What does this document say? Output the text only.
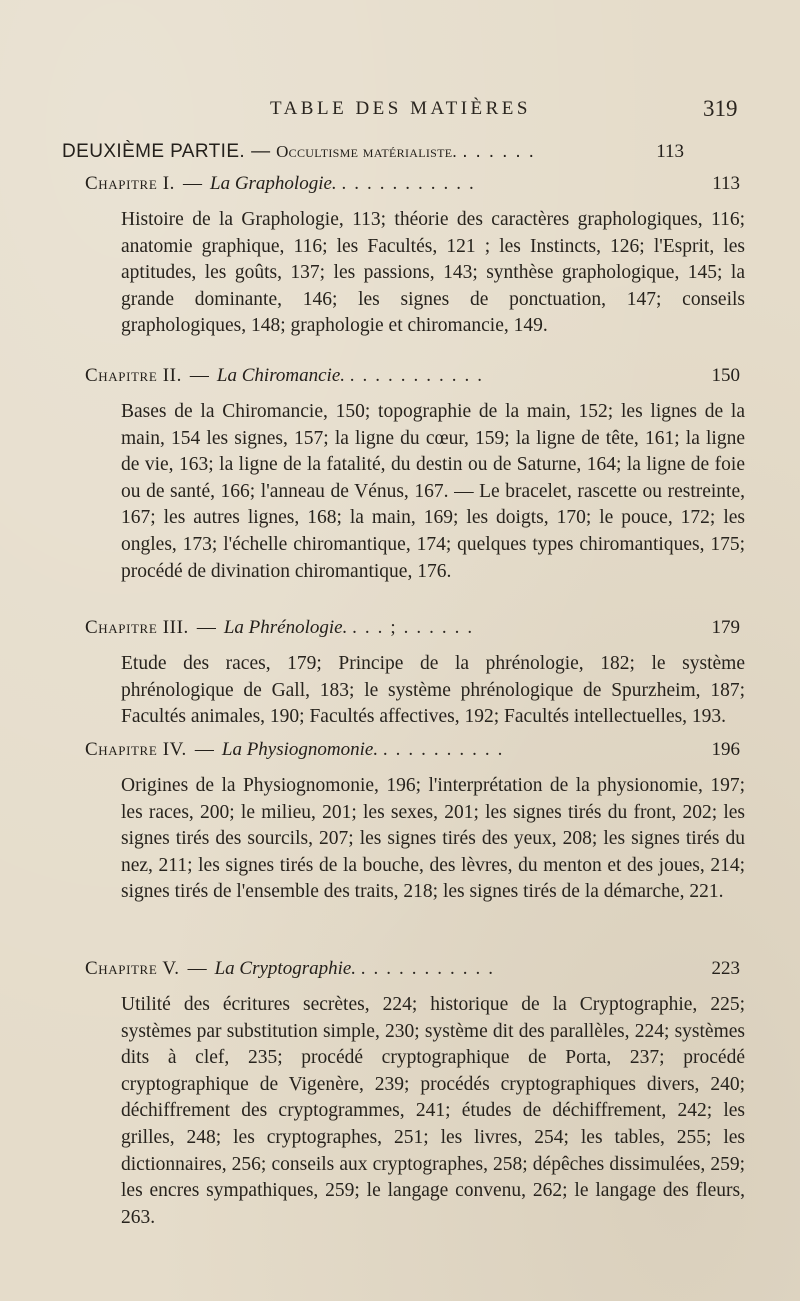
TABLE DES MATIÈRES	319
DEUXIÈME PARTIE. — Occultisme matérialiste. ......	113
Chapitre I. — La Graphologie. ...........	113
Histoire de la Graphologie, 113; théorie des caractères graphologiques, 116; anatomie graphique, 116; les Facultés, 121 ; les Instincts, 126; l'Esprit, les aptitudes, les goûts, 137; les passions, 143; synthèse graphologique, 145; la grande dominante, 146; les signes de ponctuation, 147; conseils graphologiques, 148; graphologie et chiromancie, 149.
Chapitre II. — La Chiromancie. ...........	150
Bases de la Chiromancie, 150; topographie de la main, 152; les lignes de la main, 154 les signes, 157; la ligne du cœur, 159; la ligne de tête, 161; la ligne de vie, 163; la ligne de la fatalité, du destin ou de Saturne, 164; la ligne de foie ou de santé, 166; l'anneau de Vénus, 167. — Le bracelet, rascette ou restreinte, 167; les autres lignes, 168; la main, 169; les doigts, 170; le pouce, 172; les ongles, 173; l'échelle chiromantique, 174; quelques types chiromantiques, 175; procédé de divination chiromantique, 176.
Chapitre III. — La Phrénologie. ...;......	179
Etude des races, 179; Principe de la phrénologie, 182; le système phrénologique de Gall, 183; le système phrénologique de Spurzheim, 187; Facultés animales, 190; Facultés affectives, 192; Facultés intellectuelles, 193.
Chapitre IV. — La Physiognomonie. ..........	196
Origines de la Physiognomonie, 196; l'interprétation de la physionomie, 197; les races, 200; le milieu, 201; les sexes, 201; les signes tirés du front, 202; les signes tirés des sourcils, 207; les signes tirés des yeux, 208; les signes tirés du nez, 211; les signes tirés de la bouche, des lèvres, du menton et des joues, 214; signes tirés de l'ensemble des traits, 218; les signes tirés de la démarche, 221.
Chapitre V. — La Cryptographie. ...........	223
Utilité des écritures secrètes, 224; historique de la Cryptographie, 225; systèmes par substitution simple, 230; système dit des parallèles, 224; systèmes dits à clef, 235; procédé cryptographique de Porta, 237; procédé cryptographique de Vigenère, 239; procédés cryptographiques divers, 240; déchiffrement des cryptogrammes, 241; études de déchiffrement, 242; les grilles, 248; les cryptographes, 251; les livres, 254; les tables, 255; les dictionnaires, 256; conseils aux cryptographes, 258; dépêches dissimulées, 259; les encres sympathiques, 259; le langage convenu, 262; le langage des fleurs, 263.
